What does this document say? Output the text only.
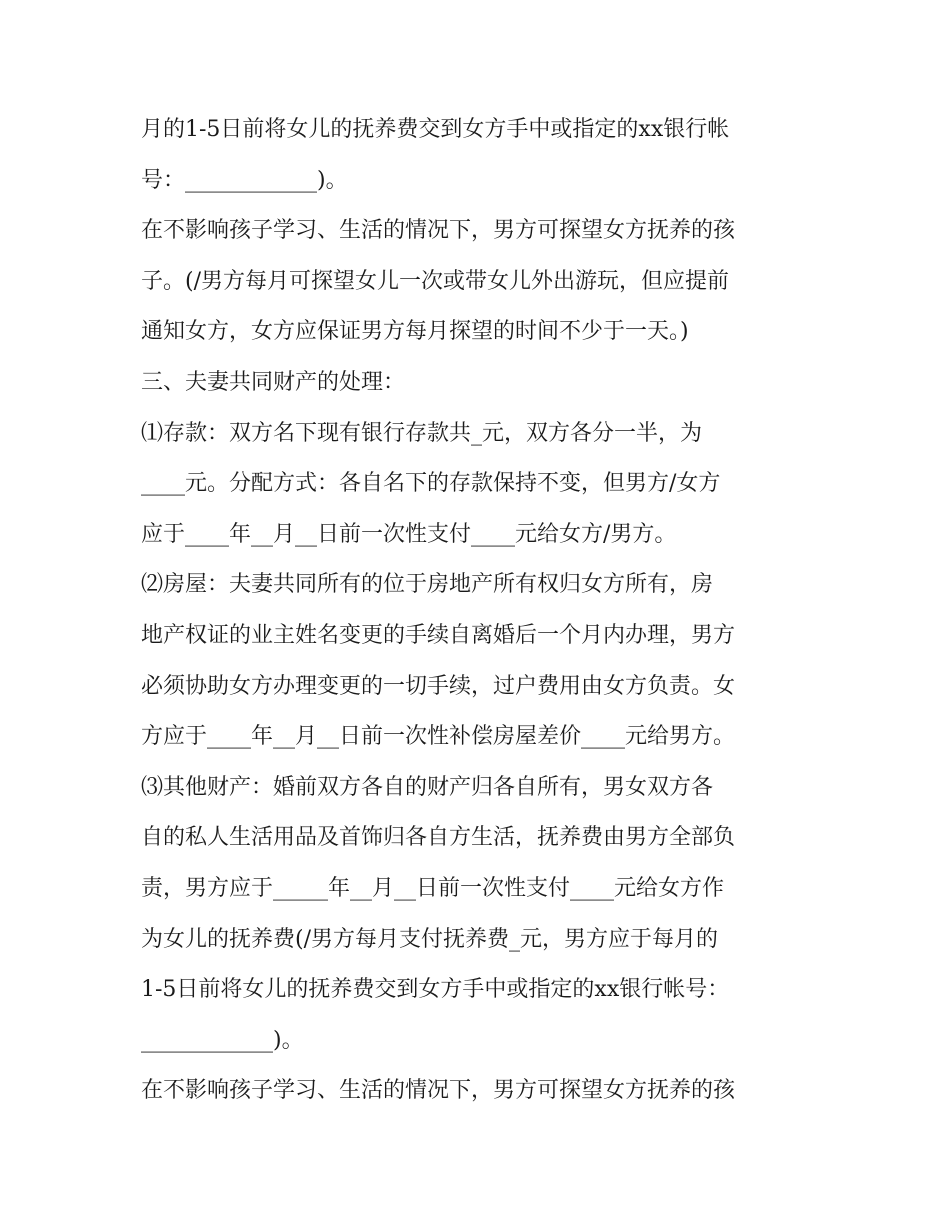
月的1-5日前将女儿的抚养费交到女方手中或指定的xx银行帐
号：____________)。
在不影响孩子学习、生活的情况下，男方可探望女方抚养的孩
子。(/男方每月可探望女儿一次或带女儿外出游玩，但应提前
通知女方，女方应保证男方每月探望的时间不少于一天。)
三、夫妻共同财产的处理：
⑴存款：双方名下现有银行存款共_元，双方各分一半，为
____元。分配方式：各自名下的存款保持不变，但男方/女方
应于____年__月__日前一次性支付____元给女方/男方。
⑵房屋：夫妻共同所有的位于房地产所有权归女方所有，房
地产权证的业主姓名变更的手续自离婚后一个月内办理，男方
必须协助女方办理变更的一切手续，过户费用由女方负责。女
方应于____年__月__日前一次性补偿房屋差价____元给男方。
⑶其他财产：婚前双方各自的财产归各自所有，男女双方各
自的私人生活用品及首饰归各自方生活，抚养费由男方全部负
责，男方应于_____年__月__日前一次性支付____元给女方作
为女儿的抚养费(/男方每月支付抚养费_元，男方应于每月的
1-5日前将女儿的抚养费交到女方手中或指定的xx银行帐号：
____________)。
在不影响孩子学习、生活的情况下，男方可探望女方抚养的孩
